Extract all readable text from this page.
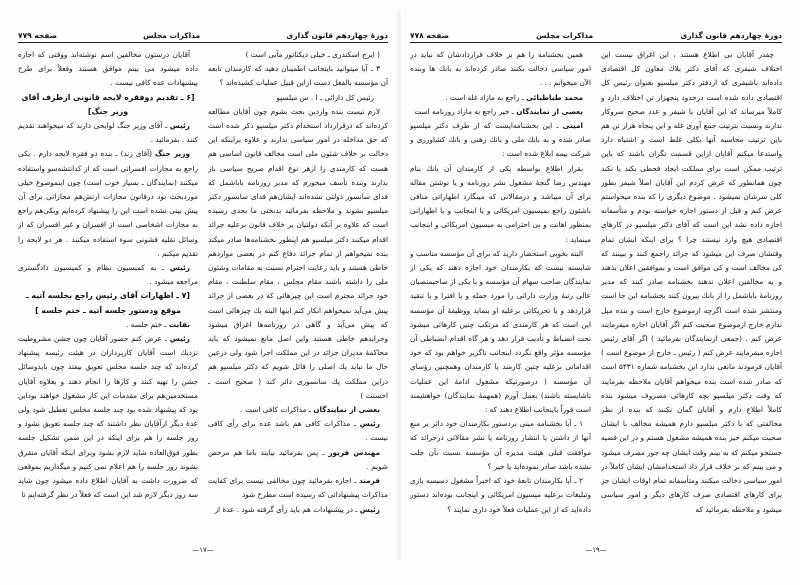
دورهٔ چهاردهم قانون گذاری
مذاکرات مجلس
صفحه ۷۷۸

چقدر آقایان بی اطلاع هستند ، این اغراق نیست این اختلاف شیفری که آقای دکتر بلاك معاون کل اقتصادی داده‌اند باشیفری که ازدفتر دکتر میلسپو بعنوان رئیس کل اقتصادی داده شده است درحدود پنجهزار تن اختلاف دارد و کاملاً میرساند که این آقایان با شیفر و عدد صحیح سروکار ندارند ونسبت بترتیب جمع آوری غله و این پنجاه هزار تن هم باین ترتیب محاسبه آنها بکلی غلط است و اشتباه دارد واستدعا میکنم آقایان ازاین قسمت نگران باشند که باین ترتیب ممکن است برای مملکت ایجاد قحطی بکند یا نکند چون همانطور که عرض کردم این آقایان اصلاً شیفر بطور کلی سرشان نمیشود . موضوع دیگری را که بنده میخواستم عرض کنم و قبل از دستور اجازه خواسته بودم و متأسفانه اجازه داده نشد این است که آقای دکتر میلسپو در کارهای اقتصادی هیچ وارد نیستند چرا ؟ برای اینکه ایشان تمام وقتشان صرف این میشود که جرائد راجمع کنند و ببینند که کی مخالف است و کی موافق است و بموافقین اعلان بدهند و به مخالفین اعلان ندهند بخشنامه صادر کنند که مدیر روزنامهٔ باباشمل را از بانك بیرون کنند بخشنامه این جا است ومنتشر شده است اگرچه ازموضوع خارج است و بنده میل ندارم خارج ازموضوع صحبت کنم اگر آقایان اجازه میفرمایند عرض کنم . (جمعی ازنمایندگان بفرمائید ) اگر آقای رئیس اجازه میفرمایند عرض کنم ( رئیس ـ خارج از موضوع است ) آقایان فرمودند مانعی ندارد این بخشنامه شماره ۵۴۳۱ است که صادر شده است بنده میخواهم آقایان ملاحظه بفرمایند که وقت دکتر میلسپو بچه کارهائی مصروف میشود بنده کاملاً اطلاع دارم و آقایان گمان نکنند که بنده از نظر مخالفتی که با دکتر میلسپو دارم همیشه مخالف با ایشان صحبت میکنم خیر بنده همیشه مشغول هستم و در این قضیه جستجو میکنم که به بینم وقت ایشان چه جور مصرف میشود و می بینم که بر خلاف قرار داد استخدامشان ایشان کاملاً در امور سیاسی دخالت میکنند ومتأسفانه تمام اوقات ایشان جز برای کارهای اقتصادی صرف کارهای دیگر و امور سیاسی میشود و ملاحظه بفرمائید که

همین بخشنامه را هم بر خلاف قراردادشان که نباید در امور سیاسی دخالت بکنند صادر کرده‌اند به بانك ها وبنده الآن میخوانم . . .

محمد طباطبائی ـ راجع به مازاد غله است .

بعضی از نمایندگان ـ خیر راجع به مازاد روزنامه است

امینی ـ این بخشنامه‌ایست که از طرف دکتر میلسپو صادر شده و به بانك ملی و بانك رهنی و بانك کشاورزی و شرکت بیمه ابلاغ شده است :

بقرار اطلاع بواسطه یکی از کارمندان آن بانك بنام مهندس رضا گنجهٔ مشغول نشر روزنامه و یا نوشتن مقاله برای آن میباشد و درمقالاتی که مینگارد اظهاراتی منافی باشئون راجع بمیسیون امریکائی و یا اینجانب و یا اظهاراتی بمنظور اهانت و بی احترامی به میسیون امریکائی و اینجانب مینماید :

البته بخوبی استحضار دارید که برای آن مؤسسه مناسب و شایسته نیست که بکارمندان خود اجازه دهند که یکی از نمایندگان صاحب سهام آن مؤسسه و یا یکی از صاحبمنصبان عالی رتبهٔ وزارت دارائی را مورد حمله و یا افترا و یا تنقید قراردهد و یا تحریکاتی برعلیه او بنماید ووظیفهٔ آن مؤسسه این است که هر کارمندی که مرتکب چنین کارهائی میشود تحت انضباط و تأدیب قرار دهد و هر گاه اقدام انضباطی آن مؤسسه مؤثر واقع نگردد اینجانب ناگزیر خواهم بود که خود اقداماتی برعلیه چنین کارمند یا کارمندان وهمچنین رؤسای آن مؤسسه ( درصورتیکه مشغول ادامهٔ این عملیات ناشایسته باشند) بعمل آورم (همهمهٔ نمایندگان) خواهشمند است فوراً باینجانب اطلاع دهند که :

۱ ـ آیا بخشنامه مبنی بردستور بکارمندان خود دائر بر منع آنها از داشتن یا انتشار روزنامه یا نشر مقالاتی درجرائد که موافقت قبلی هیئت مدیره آن مؤسسه نسبت بآن جلب نشده باشد صادر نموده‌اید یا خیر ؟

۲ ـ آیا بکارمندان تابعهٔ خود که اخیراً مشغول دسیسه بازی وتبلیغات برعلیه میسیون امریکائی و اینجانب بوده‌اند دستور داده‌اید که از این عملیات فعلاً خود داری نمایند ؟

—۱۹—
دورهٔ چهاردهم قانون گذاری
مذاکرات مجلس
صفحه ۷۷۹

( ایرج اسکندری ـ خیلی دیکتاتور مآبی است )

۳ ـ آیا میتوانید باینجانب اطمینان دهید که کارمندان تابعه آن مؤسسه بالفعل دست ازاین قبیل عملیات کشیده‌اند ؟

رئیس کل دارائی ـ ا . س میلسپو

لازم نیست بنده واردین بحث بشوم چون آقایان مطالعه کرده‌اند که درقرارداد استخدام دکتر میلسپو ذکر شده است که حق مداخله در امور سیاسی ندارند و علاوه براینکه این دخالت بر خلاف شئون ملی است مخالف قانون اساسی هم هست که کارمندی را ازهر نوع اقدام صریح سیاسی باز بدارند وبنده تأسف میخورم که مدیر روزنامه باباشمل که فدای سانسور دولتی نشده‌اند ایشان‌هم فدای سانسور دکتر میلسپو بشوند و ملاحظه بفرمائید بدبختی ما بحدی رسیده است که علاوه بر آنکه دولتیان بر خلاف قانون برعلیه جرائد اقدام میکنند دکتر میلسپو هم اینطور بخشنامه‌ها صادر میکند بنده نمیخواهم از تمام جرائد دفاع کنم در بعضی مواردهم خاطی هستند و باید رعایت احترام نسبت به مقامات وشئون ملی را داشته باشند مقام مجلس ، مقام سلطنت ، مقام خود جرائد محترم است این چیزهائی که در بعضی از جرائد پیش می‌آید نمیخواهم انکار کنم اینها البته یك چیزهائی است که پیش می‌آید و گاهی در روزنامه‌ها اغراق میشود وجرایدهم خاطی هستند واین اصل مانع نمیشود که باید محاکمهٔ مدیران جرائد در این مملکت اجرا شود ولی درعین حال ما نباید یك اصلی را قائل شویم که دکتر میلسپو هم دراین مملکت یك سانسوری دائر کند ( صحیح است ـ احسنت )

بعضی از نمایندگان ـ مذاکرات کافی است .

رئیس ـ مذاکرات کافی هم باشد عده برای رأی کافی نیست .

مهندس فریور ـ پس بفرمائید بیایند باما هم مرخص شویم .

فرمند ـ اجازه بفرمائید چون مخالفی نیست برای کفایت مذاکرات پیشنهاداتی که رسیده است مطرح شود

رئیس ـ در پیشنهادات هم باید رأی گرفته شود . عدهٔ از

آقایان درستون مخالفین اسم نوشته‌اند ووقتی که اجازه داده میشود می بینم موافق هستند وفعلاً برای طرح پیشنهادات عده کافی نیست .

[۶ ـ تقدیم دوفقره لایحه قانونی ازطرف آقای وزیر جنگ]

رئیس ـ آقای وزیر جنگ لوایحی دارند که میخواهند تقدیم کنند . بفرمائید .

وزیر جنگ (آقای زند) ـ بنده دو فقره لایحه دارم . یکی راجع به مجازات افسرانی است که از کدانتشه‌سو واستفاده میکنند (نمایندگان ـ بسیار خوب است) چون اینموضوع خیلی موردبحث بود درقانون مجازات ارتش‌هم مجازاتی برای آن پیش بینی نشده است این را پیشنهاد کرده‌ایم ویکی‌هم راجع به مجازات اشخاصی است از افسران و غیر افسران که از وسائل نقلیه قشونی سوء استفاده میکنند . هر دو لایحه را تقدیم میکنم .

رئیس ـ به کمیسیون نظام و کمیسیون دادگستری مراجعه میشود .

[۷ ـ اظهارات آقای رئیس راجع بجلسه آتیه ـ موقع ودستور جلسه آتیه ـ ختم جلسه ]

نقابت ـ ختم جلسه .

رئیس ـ عرض کنم حضور آقایان چون جشن مشروطیت نزدیك است آقایان کارپردازان در هیئت رئیسه پیشنهاد کرده‌اند که چند جلسه مجلس تعویق بیفتد چون بایدوسائل جشن را تهیه کنند و کارها را انجام دهند و بعلاوه آقایان مستخدمین‌هم برای مقدمات این کار مشغول خواهند بوداین بود که پیشنهاد شده بود چند جلسه مجلس تعطیل شود ولی عدهٔ دیگر ازآقایان نظر داشتند که چند جلسه تعویق نشود و روز جلسه را هم برای اینکه در این ضمن تشکیل جلسه بطور فوق‌العاده شاید لازم بشود وبرای اینکه آقایان متفرق نشوند روز جلسه را هم اعلام نمی کنیم و میگذاریم بموقعی که ضرورت داشت به آقایان اطلاع داده میشود چون شاید سه روز دیگر لازم شد این است که فعلاً در نظر گرفته‌ایم تا

—۱۷—
